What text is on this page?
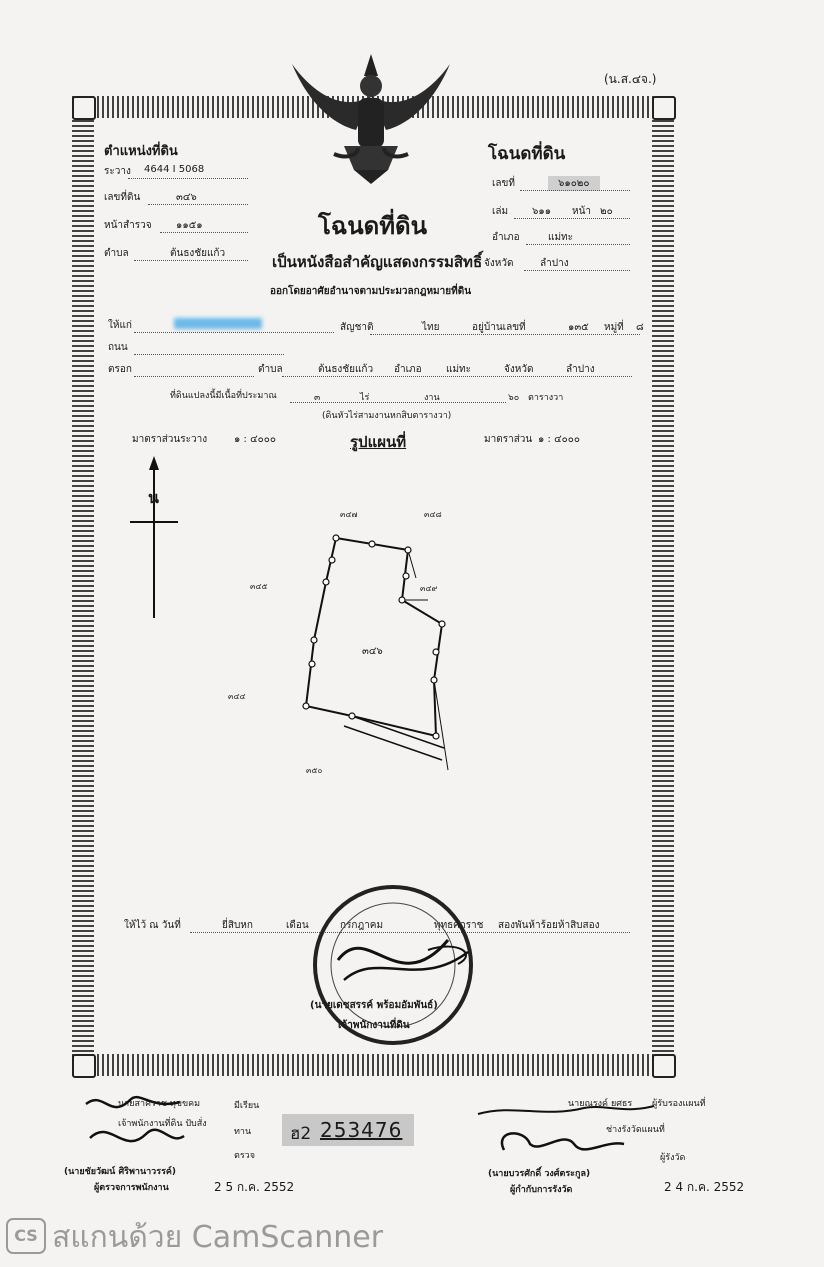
(น.ส.๔จ.)
ตำแหน่งที่ดิน
ระวาง 4644 I 5068
เลขที่ดิน	๓๔๖
หน้าสำรวจ ๑๑๕๑
ตำบล	ต้นธงชัยแก้ว
โฉนดที่ดิน
เลขที่	๖๑๐๒๐
เล่ม ๖๑๑ หน้า ๒๐
อำเภอ	แม่ทะ
จังหวัด	ลำปาง
โฉนดที่ดิน
เป็นหนังสือสำคัญแสดงกรรมสิทธิ์
ออกโดยอาศัยอำนาจตามประมวลกฎหมายที่ดิน
ให้แก่	สัญชาติ	ไทย	อยู่บ้านเลขที่	๑๓๕ หมู่ที่ ๘
ถนน
ตรอก	ตำบล	ต้นธงชัยแก้ว อำเภอ แม่ทะ	จังหวัด	ลำปาง
ที่ดินแปลงนี้มีเนื้อที่ประมาณ	๓	ไร่	งาน	๖๐ ตารางวา
(ดินหัวไร่สามงานหกสิบตารางวา)
มาตราส่วนระวาง	๑ : ๔๐๐๐	รูปแผนที่	มาตราส่วน ๑ : ๔๐๐๐
น
๓๔๖
๓๔๗	๓๔๘
๓๔๕
๓๔๔
๓๔๙
๓๕๐
ให้ไว้ ณ วันที่	ยี่สิบหก	เดือน	กรกฎาคม	พุทธศักราช สองพันห้าร้อยห้าสิบสอง
(นายเดชสรรค์ พร้อมอัมพันธ์)
เจ้าพนักงานที่ดิน
นายสาคราช ทุขขคม
เจ้าพนักงานที่ดิน ปับสั่ง
(นายชัยวัฒน์ ศิริพานาวรรค์)
ผู้ตรวจการพนักงาน	2 5 ก.ค. 2552
มีเรียน
ทาน
ตรวจ
ฮ2 253476
นายณรงค์ ยศธร ผู้รับรองแผนที่
ช่างรังวัดแผนที่
ผู้รังวัด
(นายบวรศักดิ์ วงศ์ตระกูล)
ผู้กำกับการรังวัด	2 4 ก.ค. 2552
CS สแกนด้วย CamScanner
